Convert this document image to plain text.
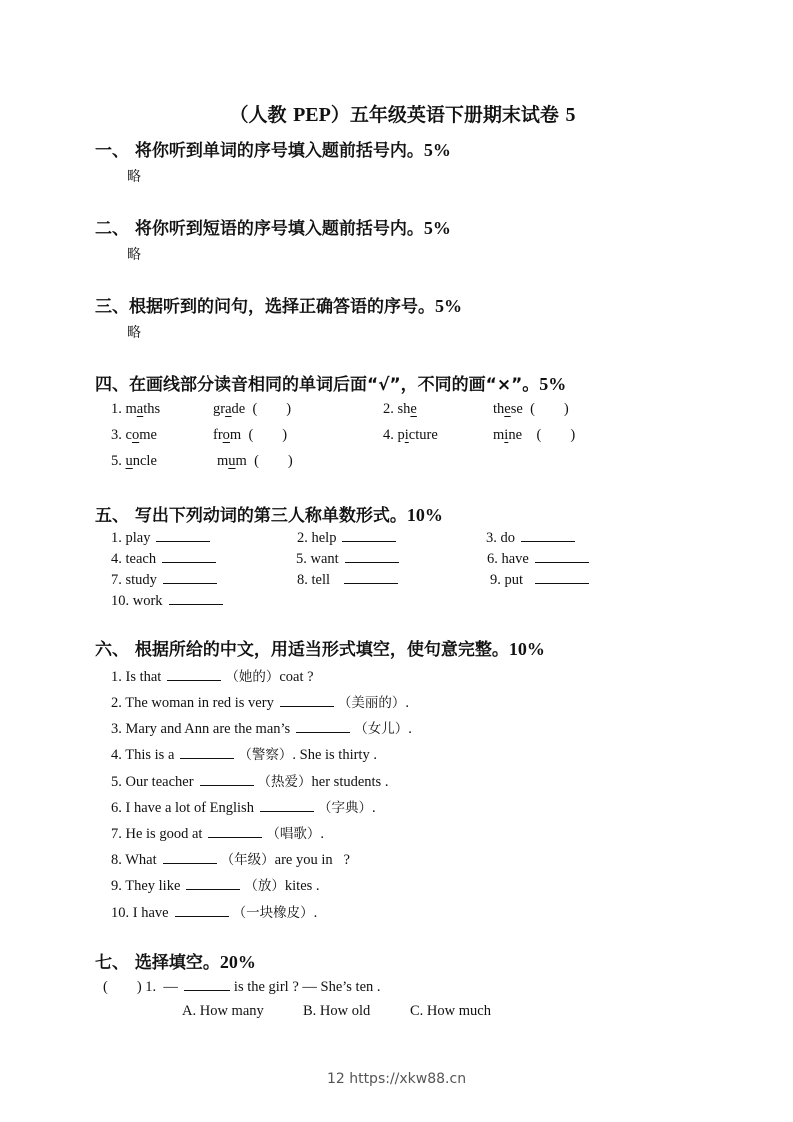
（人教 PEP）五年级英语下册期末试卷 5
一、 将你听到单词的序号填入题前括号内。5%
略
二、 将你听到短语的序号填入题前括号内。5%
略
三、根据听到的问句，选择正确答语的序号。5%
略
四、在画线部分读音相同的单词后面“√”，不同的画“×”。5%
1. maths	grade (        )	2. she	these (        )
3. come	from (        )	4. picture	mine (        )
5. uncle	mum (        )
五、 写出下列动词的第三人称单数形式。10%
1. play	2. help	3. do
4. teach	5. want	6. have
7. study	8. tell	9. put
10. work
六、 根据所给的中文，用适当形式填空，使句意完整。10%
1. Is that	（她的）coat ?
2. The woman in red is very	（美丽的）.
3. Mary and Ann are the man’s	（女儿）.
4. This is a	（警察）. She is thirty .
5. Our teacher	（热爱）her students .
6. I have a lot of English	（字典）.
7. He is good at	（唱歌）.
8. What	（年级）are you in   ?
9. They like	（放）kites .
10. I have	（一块橡皮）.
七、 选择填空。20%
(        ) 1.  —	is the girl ? — She’s ten .
A. How many	B. How old	C. How much
12 https://xkw88.cn
